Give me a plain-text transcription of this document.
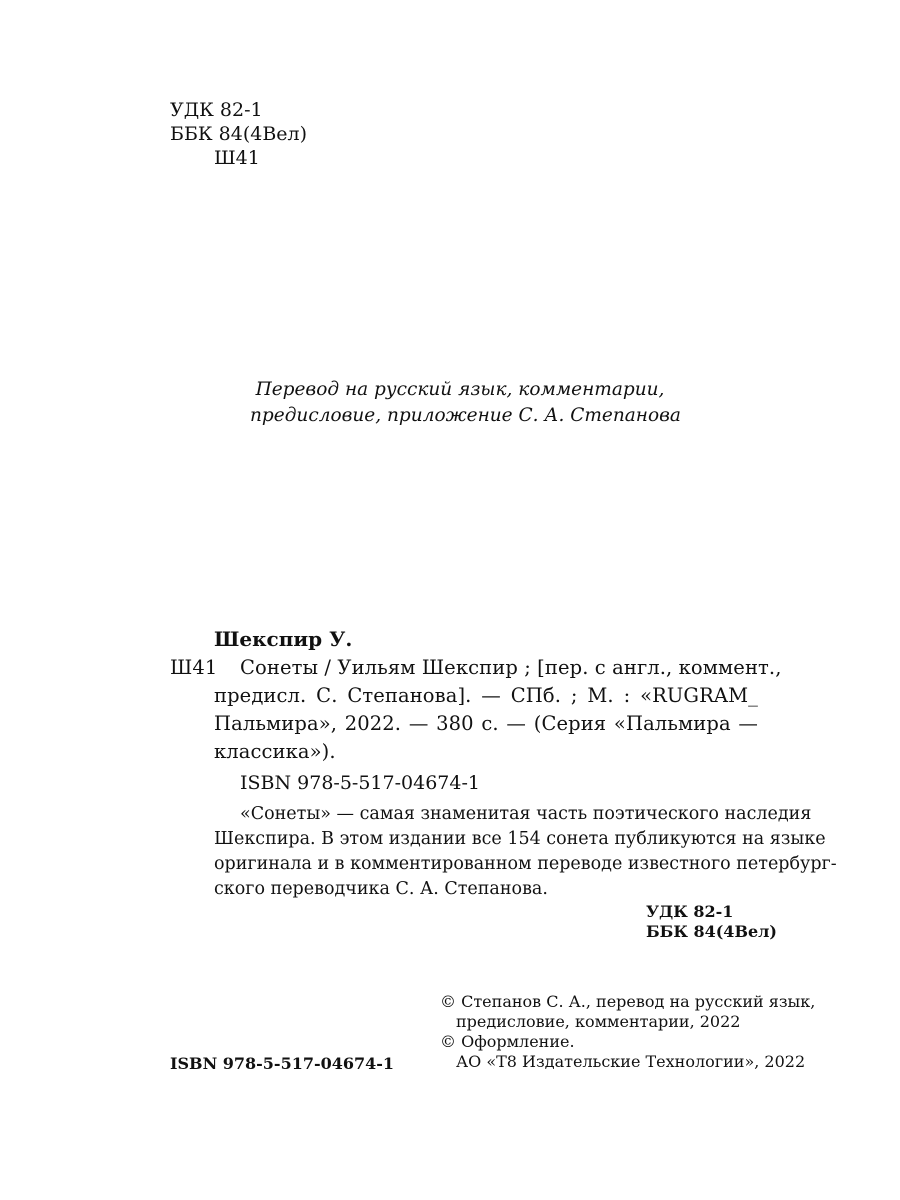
УДК 82-1
ББК 84(4Вел)
Ш41
Перевод на русский язык, комментарии,
предисловие, приложение С. А. Степанова
Шекспир У.
Ш41 Сонеты / Уильям Шекспир ; [пер. с англ., коммент.,
предисл. С. Степанова]. — СПб. ; М. : «RUGRAM_
Пальмира», 2022. — 380 с. — (Серия «Пальмира —
классика»).
ISBN 978-5-517-04674-1
«Сонеты» — самая знаменитая часть поэтического наследия
Шекспира. В этом издании все 154 сонета публикуются на языке
оригинала и в комментированном переводе известного петербург-
ского переводчика С. А. Степанова.
УДК 82-1
ББК 84(4Вел)
© Степанов С. А., перевод на русский язык,
предисловие, комментарии, 2022
© Оформление.
АО «Т8 Издательские Технологии», 2022
ISBN 978-5-517-04674-1
